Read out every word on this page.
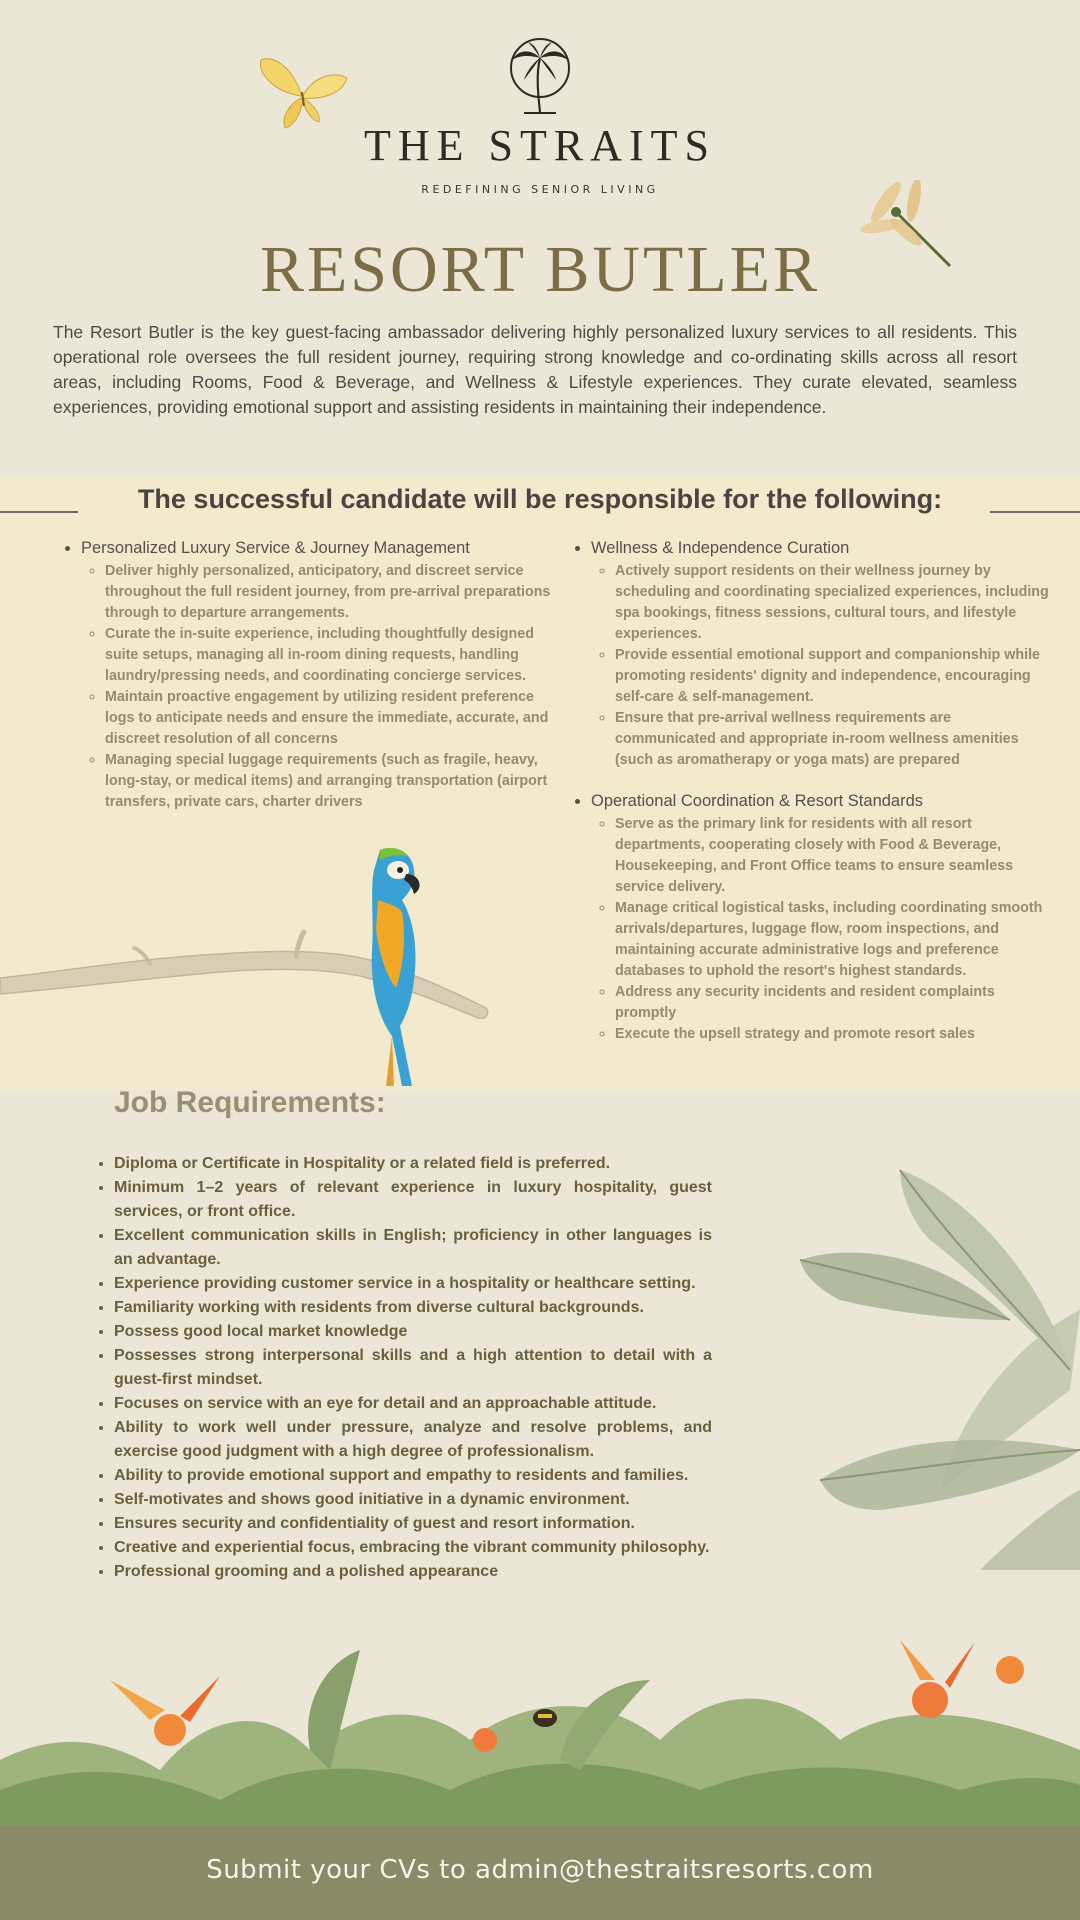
THE STRAITS
REDEFINING SENIOR LIVING
RESORT BUTLER

The Resort Butler is the key guest-facing ambassador delivering highly personalized luxury services to all residents. This operational role oversees the full resident journey, requiring strong knowledge and co-ordinating skills across all resort areas, including Rooms, Food & Beverage, and Wellness & Lifestyle experiences. They curate elevated, seamless experiences, providing emotional support and assisting residents in maintaining their independence.

The successful candidate will be responsible for the following:
• Personalized Luxury Service & Journey Management
◦ Deliver highly personalized, anticipatory, and discreet service throughout the full resident journey, from pre-arrival preparations through to departure arrangements.
◦ Curate the in-suite experience, including thoughtfully designed suite setups, managing all in-room dining requests, handling laundry/pressing needs, and coordinating concierge services.
◦ Maintain proactive engagement by utilizing resident preference logs to anticipate needs and ensure the immediate, accurate, and discreet resolution of all concerns
◦ Managing special luggage requirements (such as fragile, heavy, long-stay, or medical items) and arranging transportation (airport transfers, private cars, charter drivers
• Wellness & Independence Curation
◦ Actively support residents on their wellness journey by scheduling and coordinating specialized experiences, including spa bookings, fitness sessions, cultural tours, and lifestyle experiences.
◦ Provide essential emotional support and companionship while promoting residents' dignity and independence, encouraging self-care & self-management.
◦ Ensure that pre-arrival wellness requirements are communicated and appropriate in-room wellness amenities (such as aromatherapy or yoga mats) are prepared
• Operational Coordination & Resort Standards
◦ Serve as the primary link for residents with all resort departments, cooperating closely with Food & Beverage, Housekeeping, and Front Office teams to ensure seamless service delivery.
◦ Manage critical logistical tasks, including coordinating smooth arrivals/departures, luggage flow, room inspections, and maintaining accurate administrative logs and preference databases to uphold the resort's highest standards.
◦ Address any security incidents and resident complaints promptly
◦ Execute the upsell strategy and promote resort sales
Job Requirements:
• Diploma or Certificate in Hospitality or a related field is preferred.
• Minimum 1–2 years of relevant experience in luxury hospitality, guest services, or front office.
• Excellent communication skills in English; proficiency in other languages is an advantage.
• Experience providing customer service in a hospitality or healthcare setting.
• Familiarity working with residents from diverse cultural backgrounds.
• Possess good local market knowledge
• Possesses strong interpersonal skills and a high attention to detail with a guest-first mindset.
• Focuses on service with an eye for detail and an approachable attitude.
• Ability to work well under pressure, analyze and resolve problems, and exercise good judgment with a high degree of professionalism.
• Ability to provide emotional support and empathy to residents and families.
• Self-motivates and shows good initiative in a dynamic environment.
• Ensures security and confidentiality of guest and resort information.
• Creative and experiential focus, embracing the vibrant community philosophy.
• Professional grooming and a polished appearance
Submit your CVs to admin@thestraitsresorts.com
